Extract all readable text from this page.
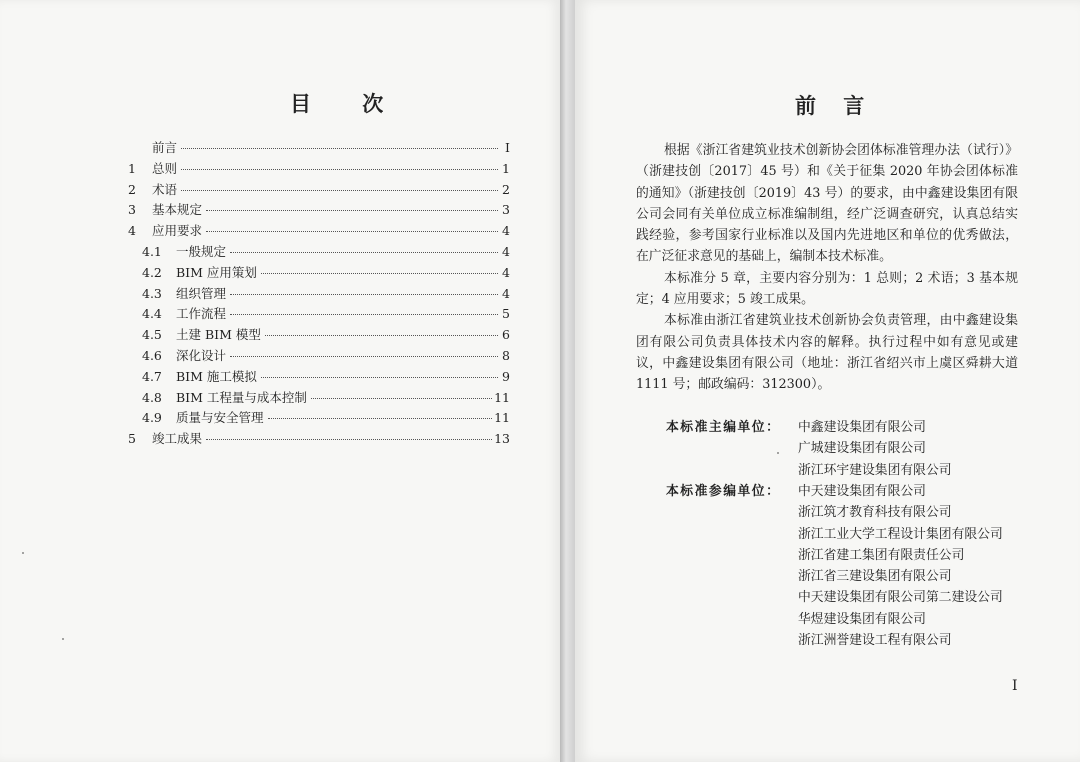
目 次
前言	I
1	总则	1
2	术语	2
3	基本规定	3
4	应用要求	4
4.1	一般规定	4
4.2	BIM 应用策划	4
4.3	组织管理	4
4.4	工作流程	5
4.5	土建 BIM 模型	6
4.6	深化设计	8
4.7	BIM 施工模拟	9
4.8	BIM 工程量与成本控制	11
4.9	质量与安全管理	11
5	竣工成果	13
前 言

根据《浙江省建筑业技术创新协会团体标准管理办法（试行）》（浙建技创〔2017〕45 号）和《关于征集 2020 年协会团体标准的通知》（浙建技创〔2019〕43 号）的要求，由中鑫建设集团有限公司会同有关单位成立标准编制组，经广泛调查研究，认真总结实践经验，参考国家行业标准以及国内先进地区和单位的优秀做法，在广泛征求意见的基础上，编制本技术标准。

本标准分 5 章，主要内容分别为：1 总则；2 术语；3 基本规定；4 应用要求；5 竣工成果。

本标准由浙江省建筑业技术创新协会负责管理，由中鑫建设集团有限公司负责具体技术内容的解释。执行过程中如有意见或建议，中鑫建设集团有限公司（地址：浙江省绍兴市上虞区舜耕大道 1111 号；邮政编码：312300）。

本标准主编单位：	中鑫建设集团有限公司
广城建设集团有限公司
浙江环宇建设集团有限公司
本标准参编单位：	中天建设集团有限公司
浙江筑才教育科技有限公司
浙江工业大学工程设计集团有限公司
浙江省建工集团有限责任公司
浙江省三建设集团有限公司
中天建设集团有限公司第二建设公司
华煜建设集团有限公司
浙江洲誉建设工程有限公司
I
